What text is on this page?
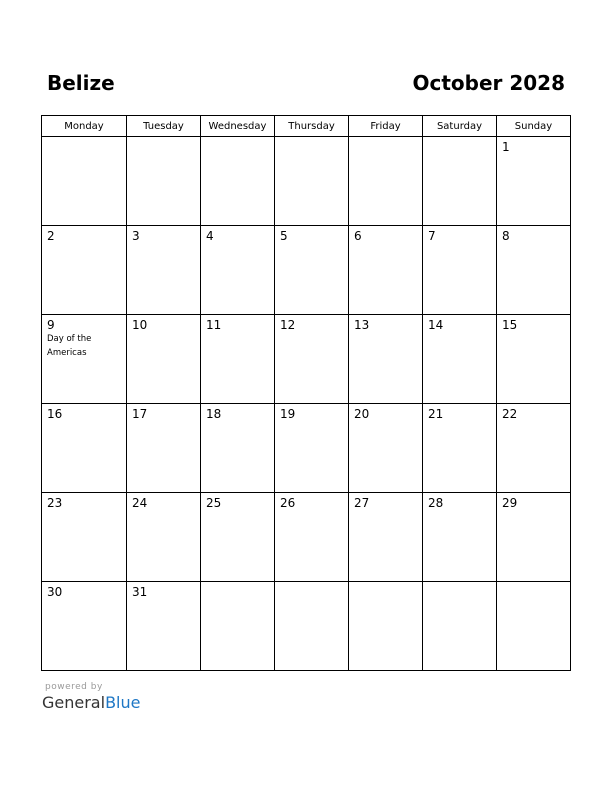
Belize	October 2028
Monday	Tuesday	Wednesday	Thursday	Friday	Saturday	Sunday

						1

2	3	4	5	6	7	8

9
Day of the Americas	10	11	12	13	14	15

16	17	18	19	20	21	22

23	24	25	26	27	28	29

30	31					

powered by
GeneralBlue
